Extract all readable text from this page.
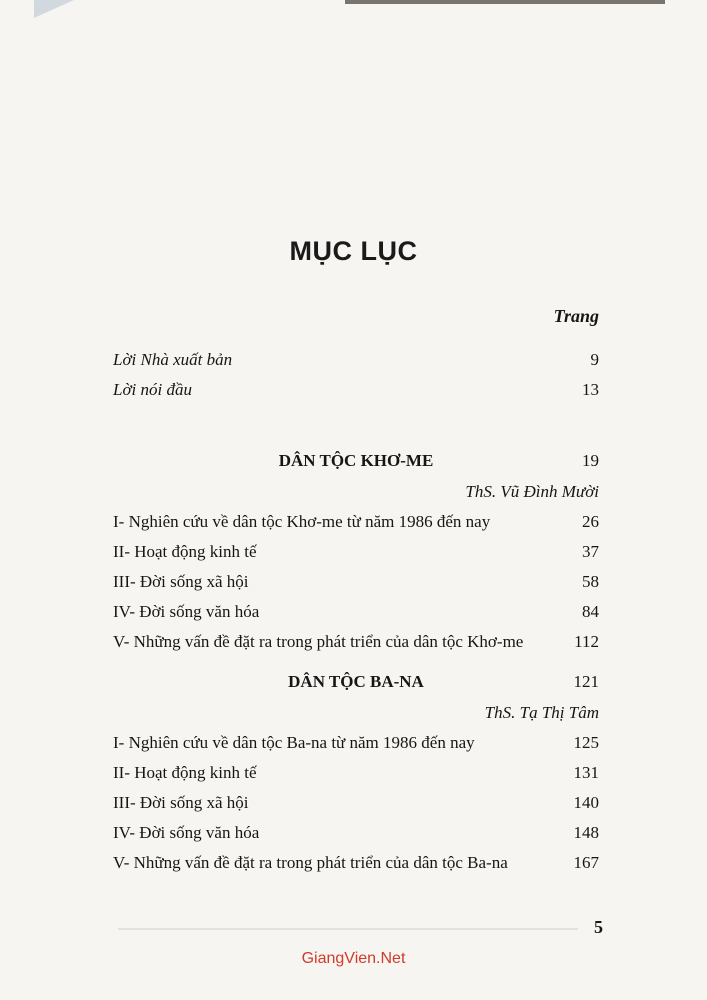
MỤC LỤC
Trang
Lời Nhà xuất bản	9
Lời nói đầu	13
DÂN TỘC KHƠ-ME	19
ThS. Vũ Đình Mười
I- Nghiên cứu về dân tộc Khơ-me từ năm 1986 đến nay	26
II- Hoạt động kinh tế	37
III- Đời sống xã hội	58
IV- Đời sống văn hóa	84
V- Những vấn đề đặt ra trong phát triển của dân tộc Khơ-me	112
DÂN TỘC BA-NA	121
ThS. Tạ Thị Tâm
I- Nghiên cứu về dân tộc Ba-na từ năm 1986 đến nay	125
II- Hoạt động kinh tế	131
III- Đời sống xã hội	140
IV- Đời sống văn hóa	148
V- Những vấn đề đặt ra trong phát triển của dân tộc Ba-na	167
5
GiangVien.Net
